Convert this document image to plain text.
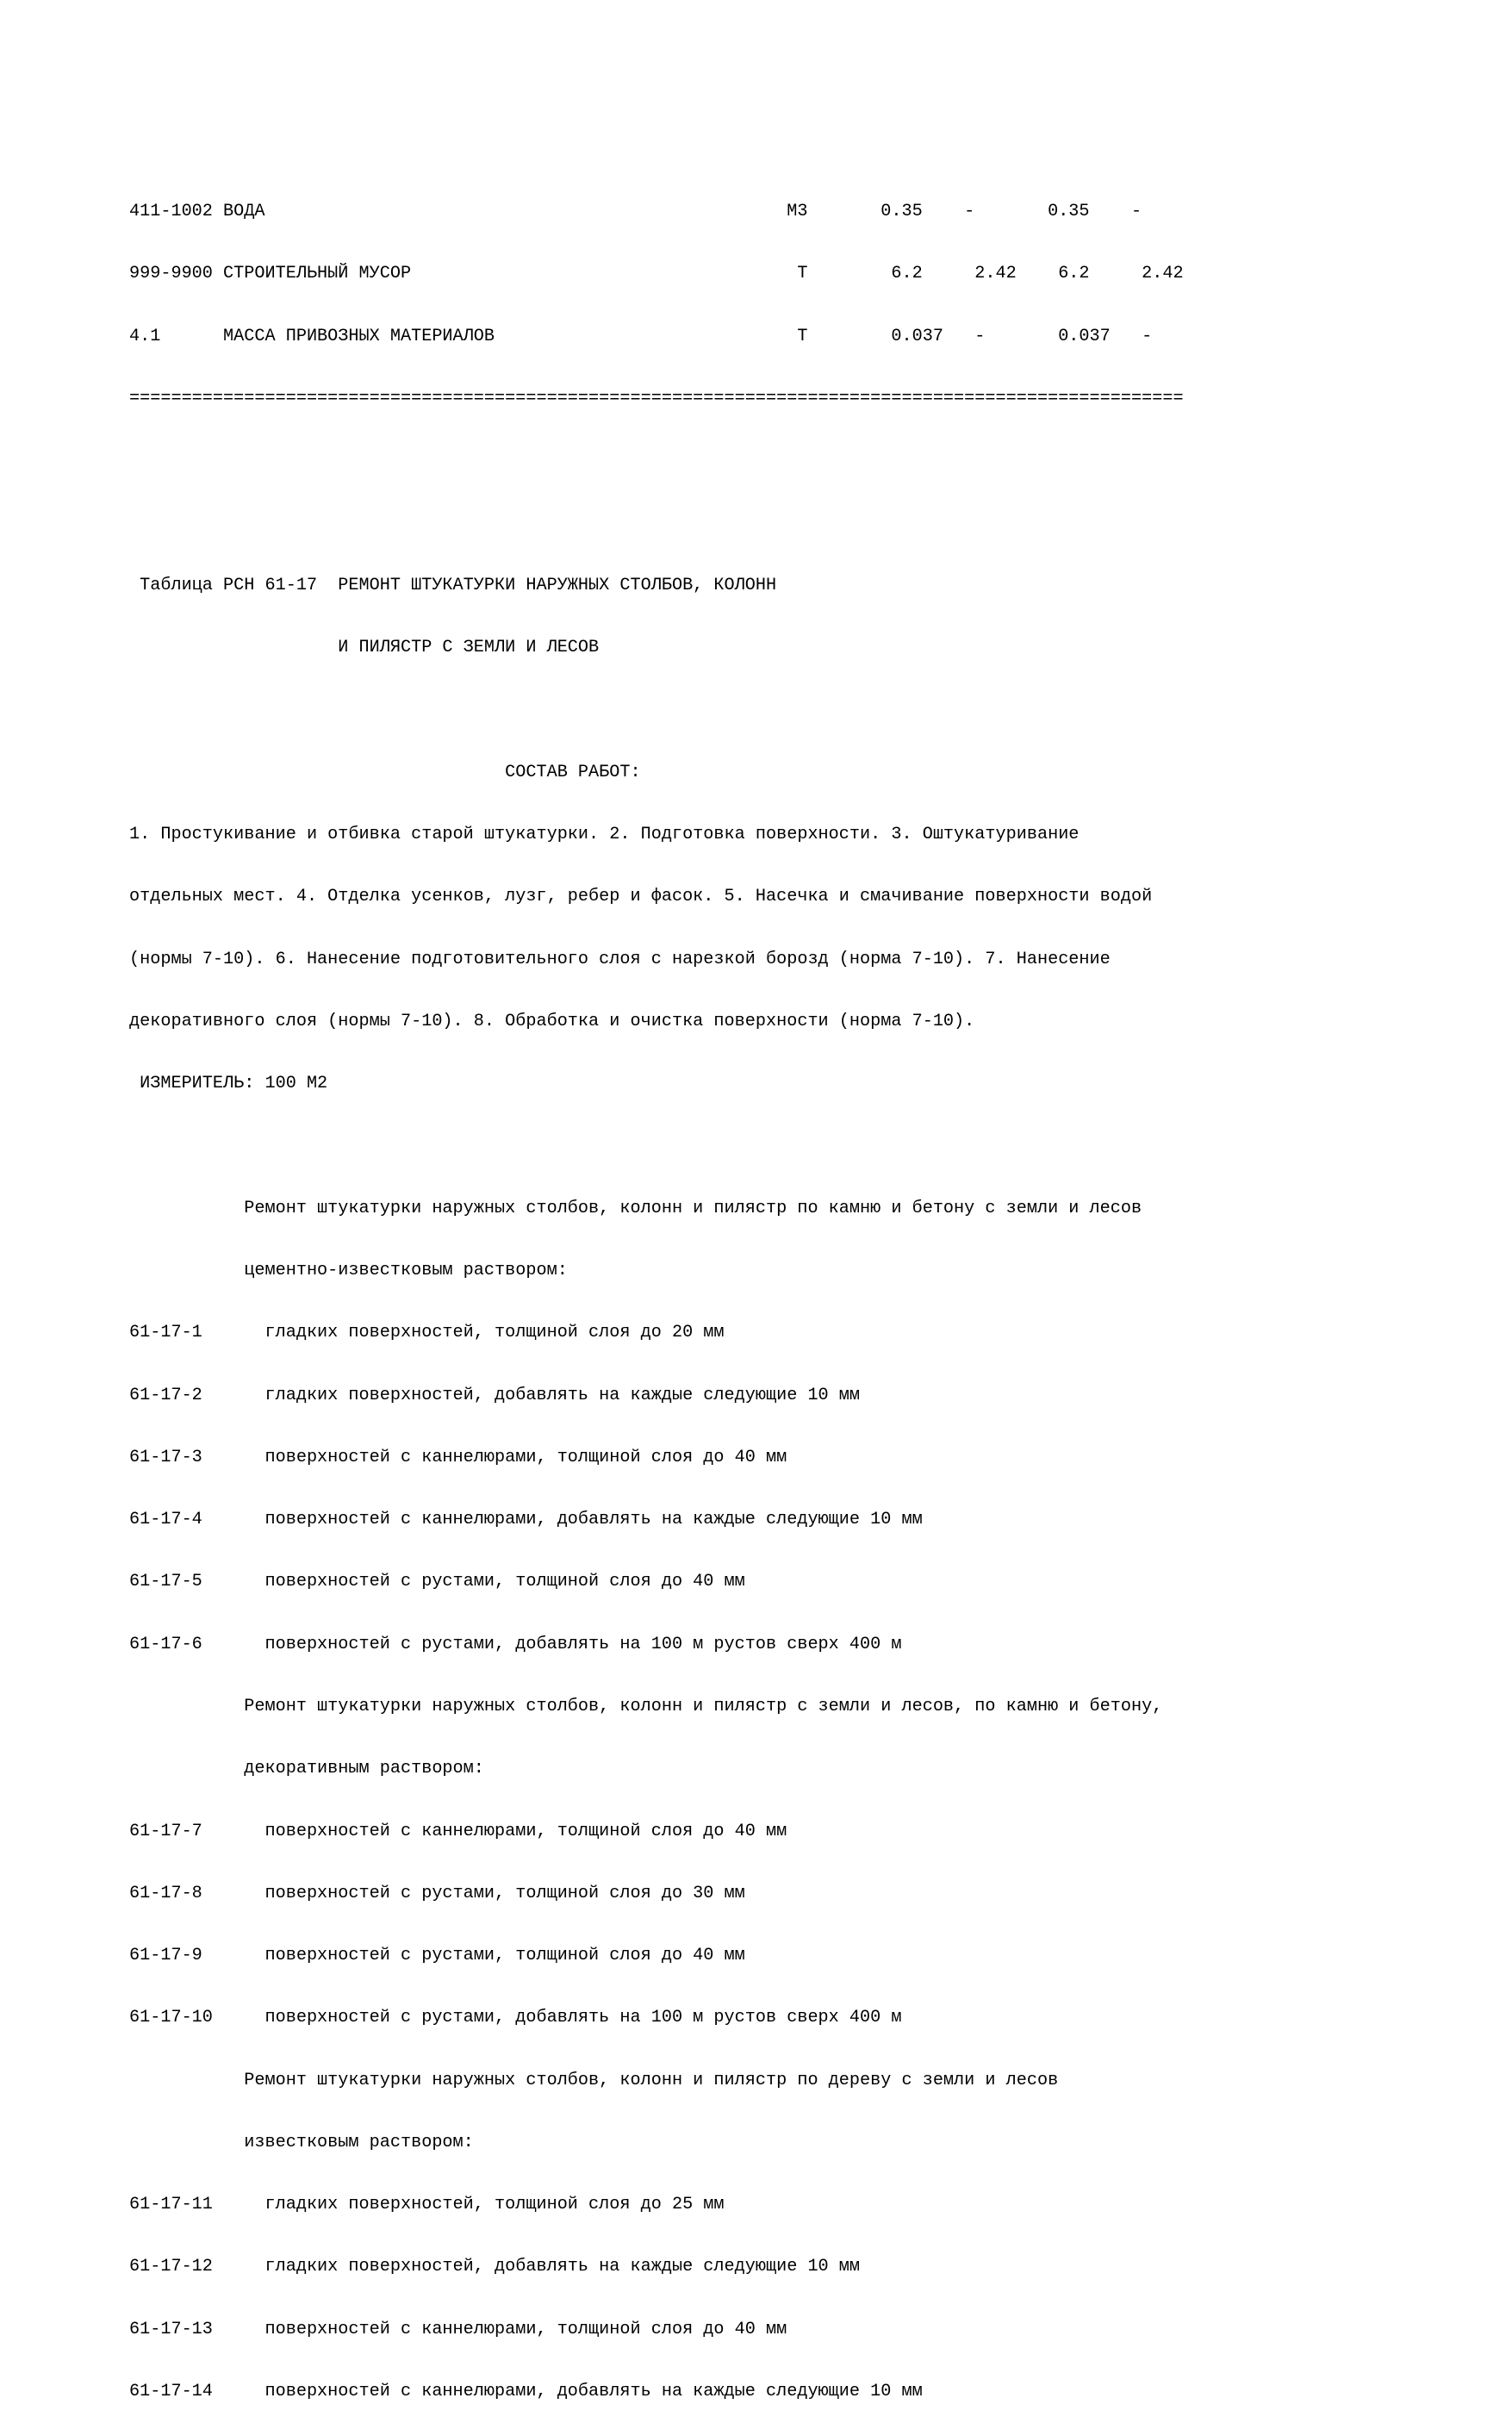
411-1002 ВОДА                                                  М3       0.35    -       0.35    -

999-9900 СТРОИТЕЛЬНЫЙ МУСОР                                     Т        6.2     2.42    6.2     2.42

4.1      МАССА ПРИВОЗНЫХ МАТЕРИАЛОВ                             Т        0.037   -       0.037   -

=====================================================================================================

Таблица РСН 61-17  РЕМОНТ ШТУКАТУРКИ НАРУЖНЫХ СТОЛБОВ, КОЛОНН

И ПИЛЯСТР С ЗЕМЛИ И ЛЕСОВ

СОСТАВ РАБОТ:

1. Простукивание и отбивка старой штукатурки. 2. Подготовка поверхности. 3. Оштукатуривание

отдельных мест. 4. Отделка усенков, лузг, ребер и фасок. 5. Насечка и смачивание поверхности водой

(нормы 7-10). 6. Нанесение подготовительного слоя с нарезкой борозд (норма 7-10). 7. Нанесение

декоративного слоя (нормы 7-10). 8. Обработка и очистка поверхности (норма 7-10).

ИЗМЕРИТЕЛЬ: 100 М2

Ремонт штукатурки наружных столбов, колонн и пилястр по камню и бетону с земли и лесов

цементно-известковым раствором:

61-17-1      гладких поверхностей, толщиной слоя до 20 мм

61-17-2      гладких поверхностей, добавлять на каждые следующие 10 мм

61-17-3      поверхностей с каннелюрами, толщиной слоя до 40 мм

61-17-4      поверхностей с каннелюрами, добавлять на каждые следующие 10 мм

61-17-5      поверхностей с рустами, толщиной слоя до 40 мм

61-17-6      поверхностей с рустами, добавлять на 100 м рустов сверх 400 м

Ремонт штукатурки наружных столбов, колонн и пилястр с земли и лесов, по камню и бетону,

декоративным раствором:

61-17-7      поверхностей с каннелюрами, толщиной слоя до 40 мм

61-17-8      поверхностей с рустами, толщиной слоя до 30 мм

61-17-9      поверхностей с рустами, толщиной слоя до 40 мм

61-17-10     поверхностей с рустами, добавлять на 100 м рустов сверх 400 м

Ремонт штукатурки наружных столбов, колонн и пилястр по дереву с земли и лесов

известковым раствором:

61-17-11     гладких поверхностей, толщиной слоя до 25 мм

61-17-12     гладких поверхностей, добавлять на каждые следующие 10 мм

61-17-13     поверхностей с каннелюрами, толщиной слоя до 40 мм

61-17-14     поверхностей с каннелюрами, добавлять на каждые следующие 10 мм
